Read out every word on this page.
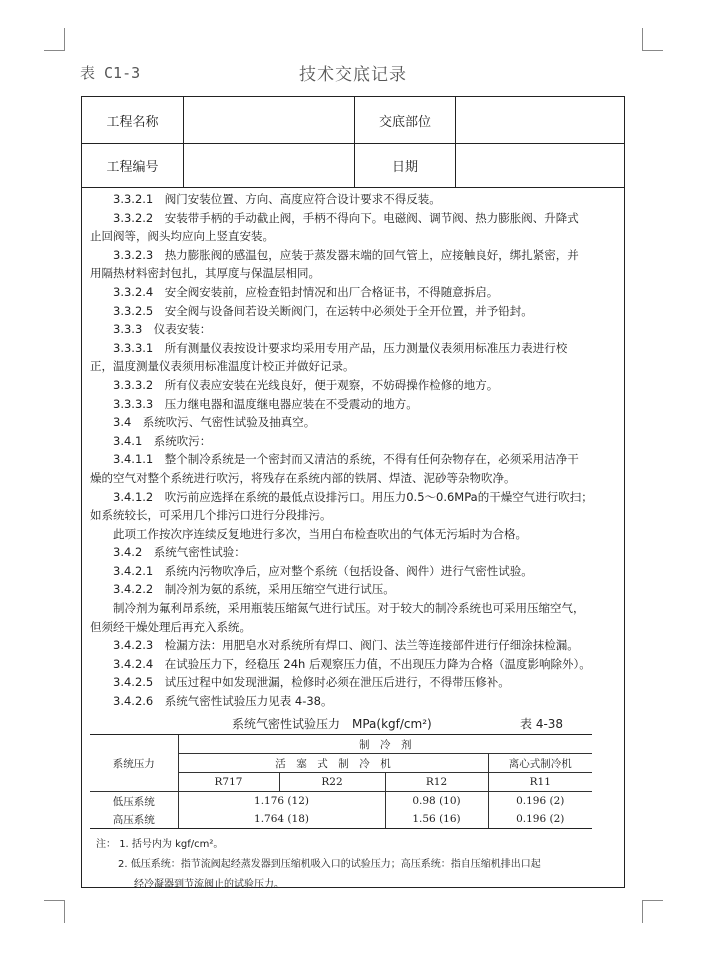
表 C1-3	技术交底记录
工程名称	交底部位
工程编号	日期

3.3.2.1　阀门安装位置、方向、高度应符合设计要求不得反装。

3.3.2.2　安装带手柄的手动截止阀，手柄不得向下。电磁阀、调节阀、热力膨胀阀、升降式

止回阀等，阀头均应向上竖直安装。

3.3.2.3　热力膨胀阀的感温包，应装于蒸发器末端的回气管上，应接触良好，绑扎紧密，并

用隔热材料密封包扎，其厚度与保温层相同。

3.3.2.4　安全阀安装前，应检查铅封情况和出厂合格证书，不得随意拆启。

3.3.2.5　安全阀与设备间若设关断阀门，在运转中必须处于全开位置，并予铅封。

3.3.3　仪表安装：

3.3.3.1　所有测量仪表按设计要求均采用专用产品，压力测量仪表须用标准压力表进行校

正，温度测量仪表须用标准温度计校正并做好记录。

3.3.3.2　所有仪表应安装在光线良好，便于观察，不妨碍操作检修的地方。

3.3.3.3　压力继电器和温度继电器应装在不受震动的地方。

3.4　系统吹污、气密性试验及抽真空。

3.4.1　系统吹污：

3.4.1.1　整个制冷系统是一个密封而又清洁的系统，不得有任何杂物存在，必须采用洁净干

燥的空气对整个系统进行吹污，将残存在系统内部的铁屑、焊渣、泥砂等杂物吹净。

3.4.1.2　吹污前应选择在系统的最低点设排污口。用压力0.5～0.6MPa的干燥空气进行吹扫；

如系统较长，可采用几个排污口进行分段排污。

此项工作按次序连续反复地进行多次，当用白布检查吹出的气体无污垢时为合格。

3.4.2　系统气密性试验：

3.4.2.1　系统内污物吹净后，应对整个系统（包括设备、阀件）进行气密性试验。

3.4.2.2　制冷剂为氨的系统，采用压缩空气进行试压。

制冷剂为氟利昂系统，采用瓶装压缩氮气进行试压。对于较大的制冷系统也可采用压缩空气，

但须经干燥处理后再充入系统。

3.4.2.3　检漏方法：用肥皂水对系统所有焊口、阀门、法兰等连接部件进行仔细涂抹检漏。

3.4.2.4　在试验压力下，经稳压 24h 后观察压力值，不出现压力降为合格（温度影响除外）。

3.4.2.5　试压过程中如发现泄漏，检修时必须在泄压后进行，不得带压修补。

3.4.2.6　系统气密性试验压力见表 4-38。

系统气密性试验压力　MPa(kgf/cm²)	表 4-38
系统压力	制　冷　剂			
	活　塞　式　制　冷　机			离心式制冷机
	R717	R22	R12	R11
低压系统	1.176 (12)		0.98 (10)	0.196 (2)
高压系统	1.764 (18)		1.56 (16)	0.196 (2)

注： 1. 括号内为 kgf/cm²。

2. 低压系统：指节流阀起经蒸发器到压缩机吸入口的试验压力；高压系统：指自压缩机排出口起

经冷凝器到节流阀止的试验压力。
